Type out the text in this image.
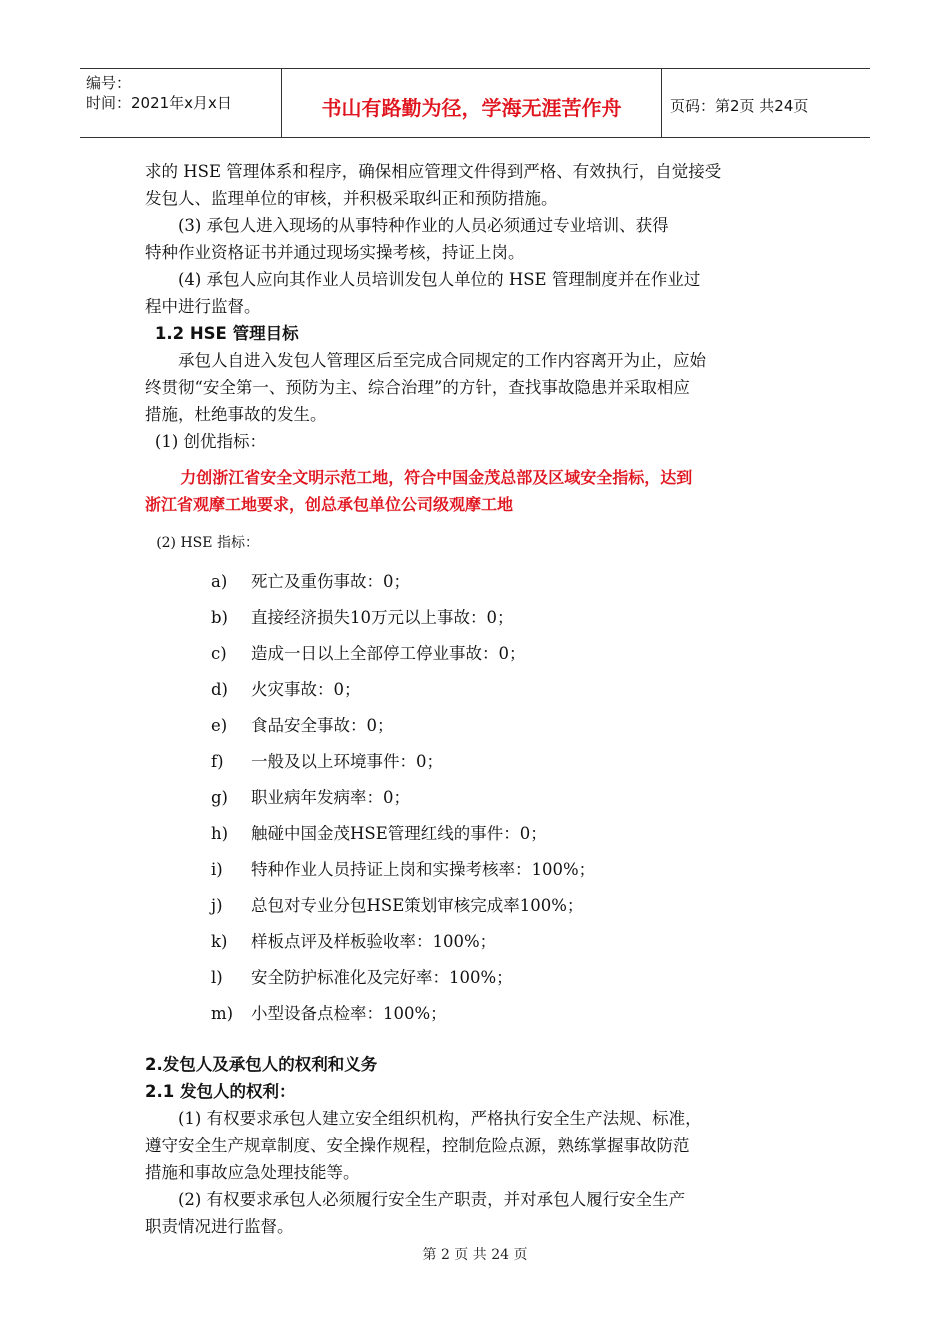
编号：
时间：2021年x月x日	书山有路勤为径，学海无涯苦作舟	页码：第2页 共24页

求的 HSE 管理体系和程序，确保相应管理文件得到严格、有效执行，自觉接受

发包人、监理单位的审核，并积极采取纠正和预防措施。

(3) 承包人进入现场的从事特种作业的人员必须通过专业培训、获得

特种作业资格证书并通过现场实操考核，持证上岗。

(4) 承包人应向其作业人员培训发包人单位的 HSE 管理制度并在作业过

程中进行监督。

1.2 HSE 管理目标

承包人自进入发包人管理区后至完成合同规定的工作内容离开为止，应始

终贯彻“安全第一、预防为主、综合治理”的方针，查找事故隐患并采取相应

措施，杜绝事故的发生。

(1) 创优指标：

力创浙江省安全文明示范工地，符合中国金茂总部及区域安全指标，达到
浙江省观摩工地要求，创总承包单位公司级观摩工地

(2) HSE 指标：

a)	死亡及重伤事故：0；
b)	直接经济损失10万元以上事故：0；
c)	造成一日以上全部停工停业事故：0；
d)	火灾事故：0；
e)	食品安全事故：0；
f)	一般及以上环境事件：0；
g)	职业病年发病率：0；
h)	触碰中国金茂HSE管理红线的事件：0；
i)	特种作业人员持证上岗和实操考核率：100%；
j)	总包对专业分包HSE策划审核完成率100%；
k)	样板点评及样板验收率：100%；
l)	安全防护标准化及完好率：100%；
m)	小型设备点检率：100%；

2.发包人及承包人的权利和义务

2.1 发包人的权利：

(1) 有权要求承包人建立安全组织机构，严格执行安全生产法规、标准，

遵守安全生产规章制度、安全操作规程，控制危险点源，熟练掌握事故防范

措施和事故应急处理技能等。

(2) 有权要求承包人必须履行安全生产职责，并对承包人履行安全生产

职责情况进行监督。

第 2 页 共 24 页
